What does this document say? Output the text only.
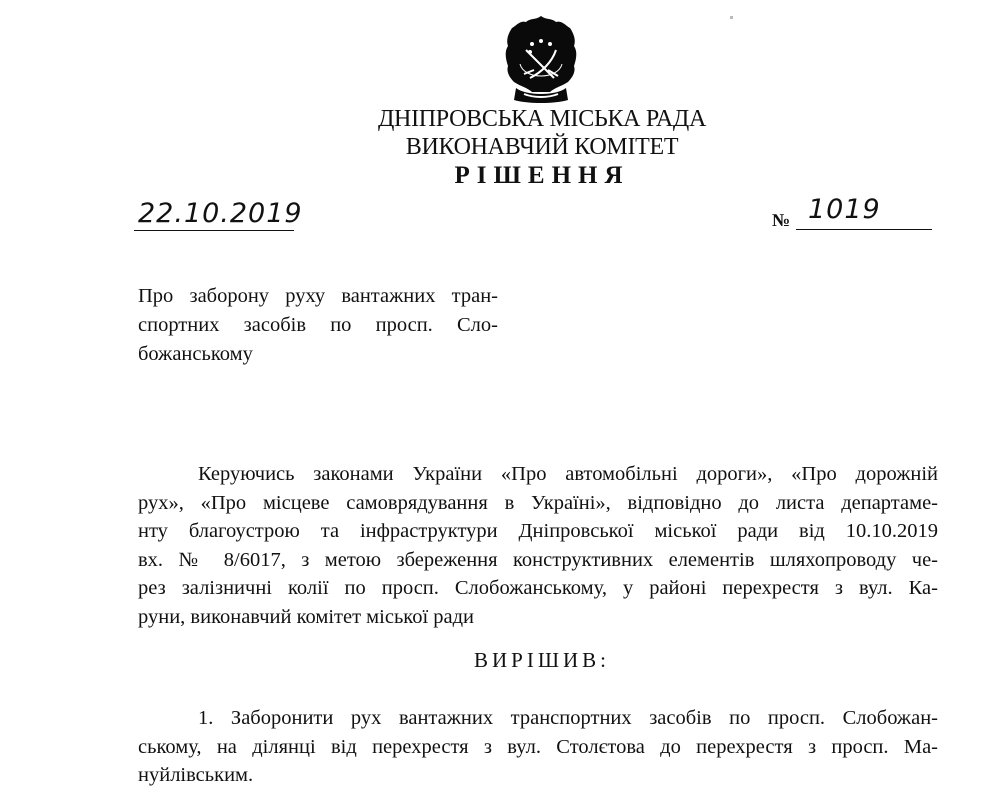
ДНІПРОВСЬКА МІСЬКА РАДА
ВИКОНАВЧИЙ КОМІТЕТ
РІШЕННЯ
22.10.2019	№ 1019
Про заборону руху вантажних тран-
спортних засобів по просп. Сло-
божанському
Керуючись законами України «Про автомобільні дороги», «Про дорожній
рух», «Про місцеве самоврядування в Україні», відповідно до листа департаме-
нту благоустрою та інфраструктури Дніпровської міської ради від 10.10.2019
вх. № 8/6017, з метою збереження конструктивних елементів шляхопроводу че-
рез залізничні колії по просп. Слобожанському, у районі перехрестя з вул. Ка-
руни, виконавчий комітет міської ради
ВИРІШИВ:
1. Заборонити рух вантажних транспортних засобів по просп. Слобожан-
ському, на ділянці від перехрестя з вул. Столєтова до перехрестя з просп. Ма-
нуйлівським.
